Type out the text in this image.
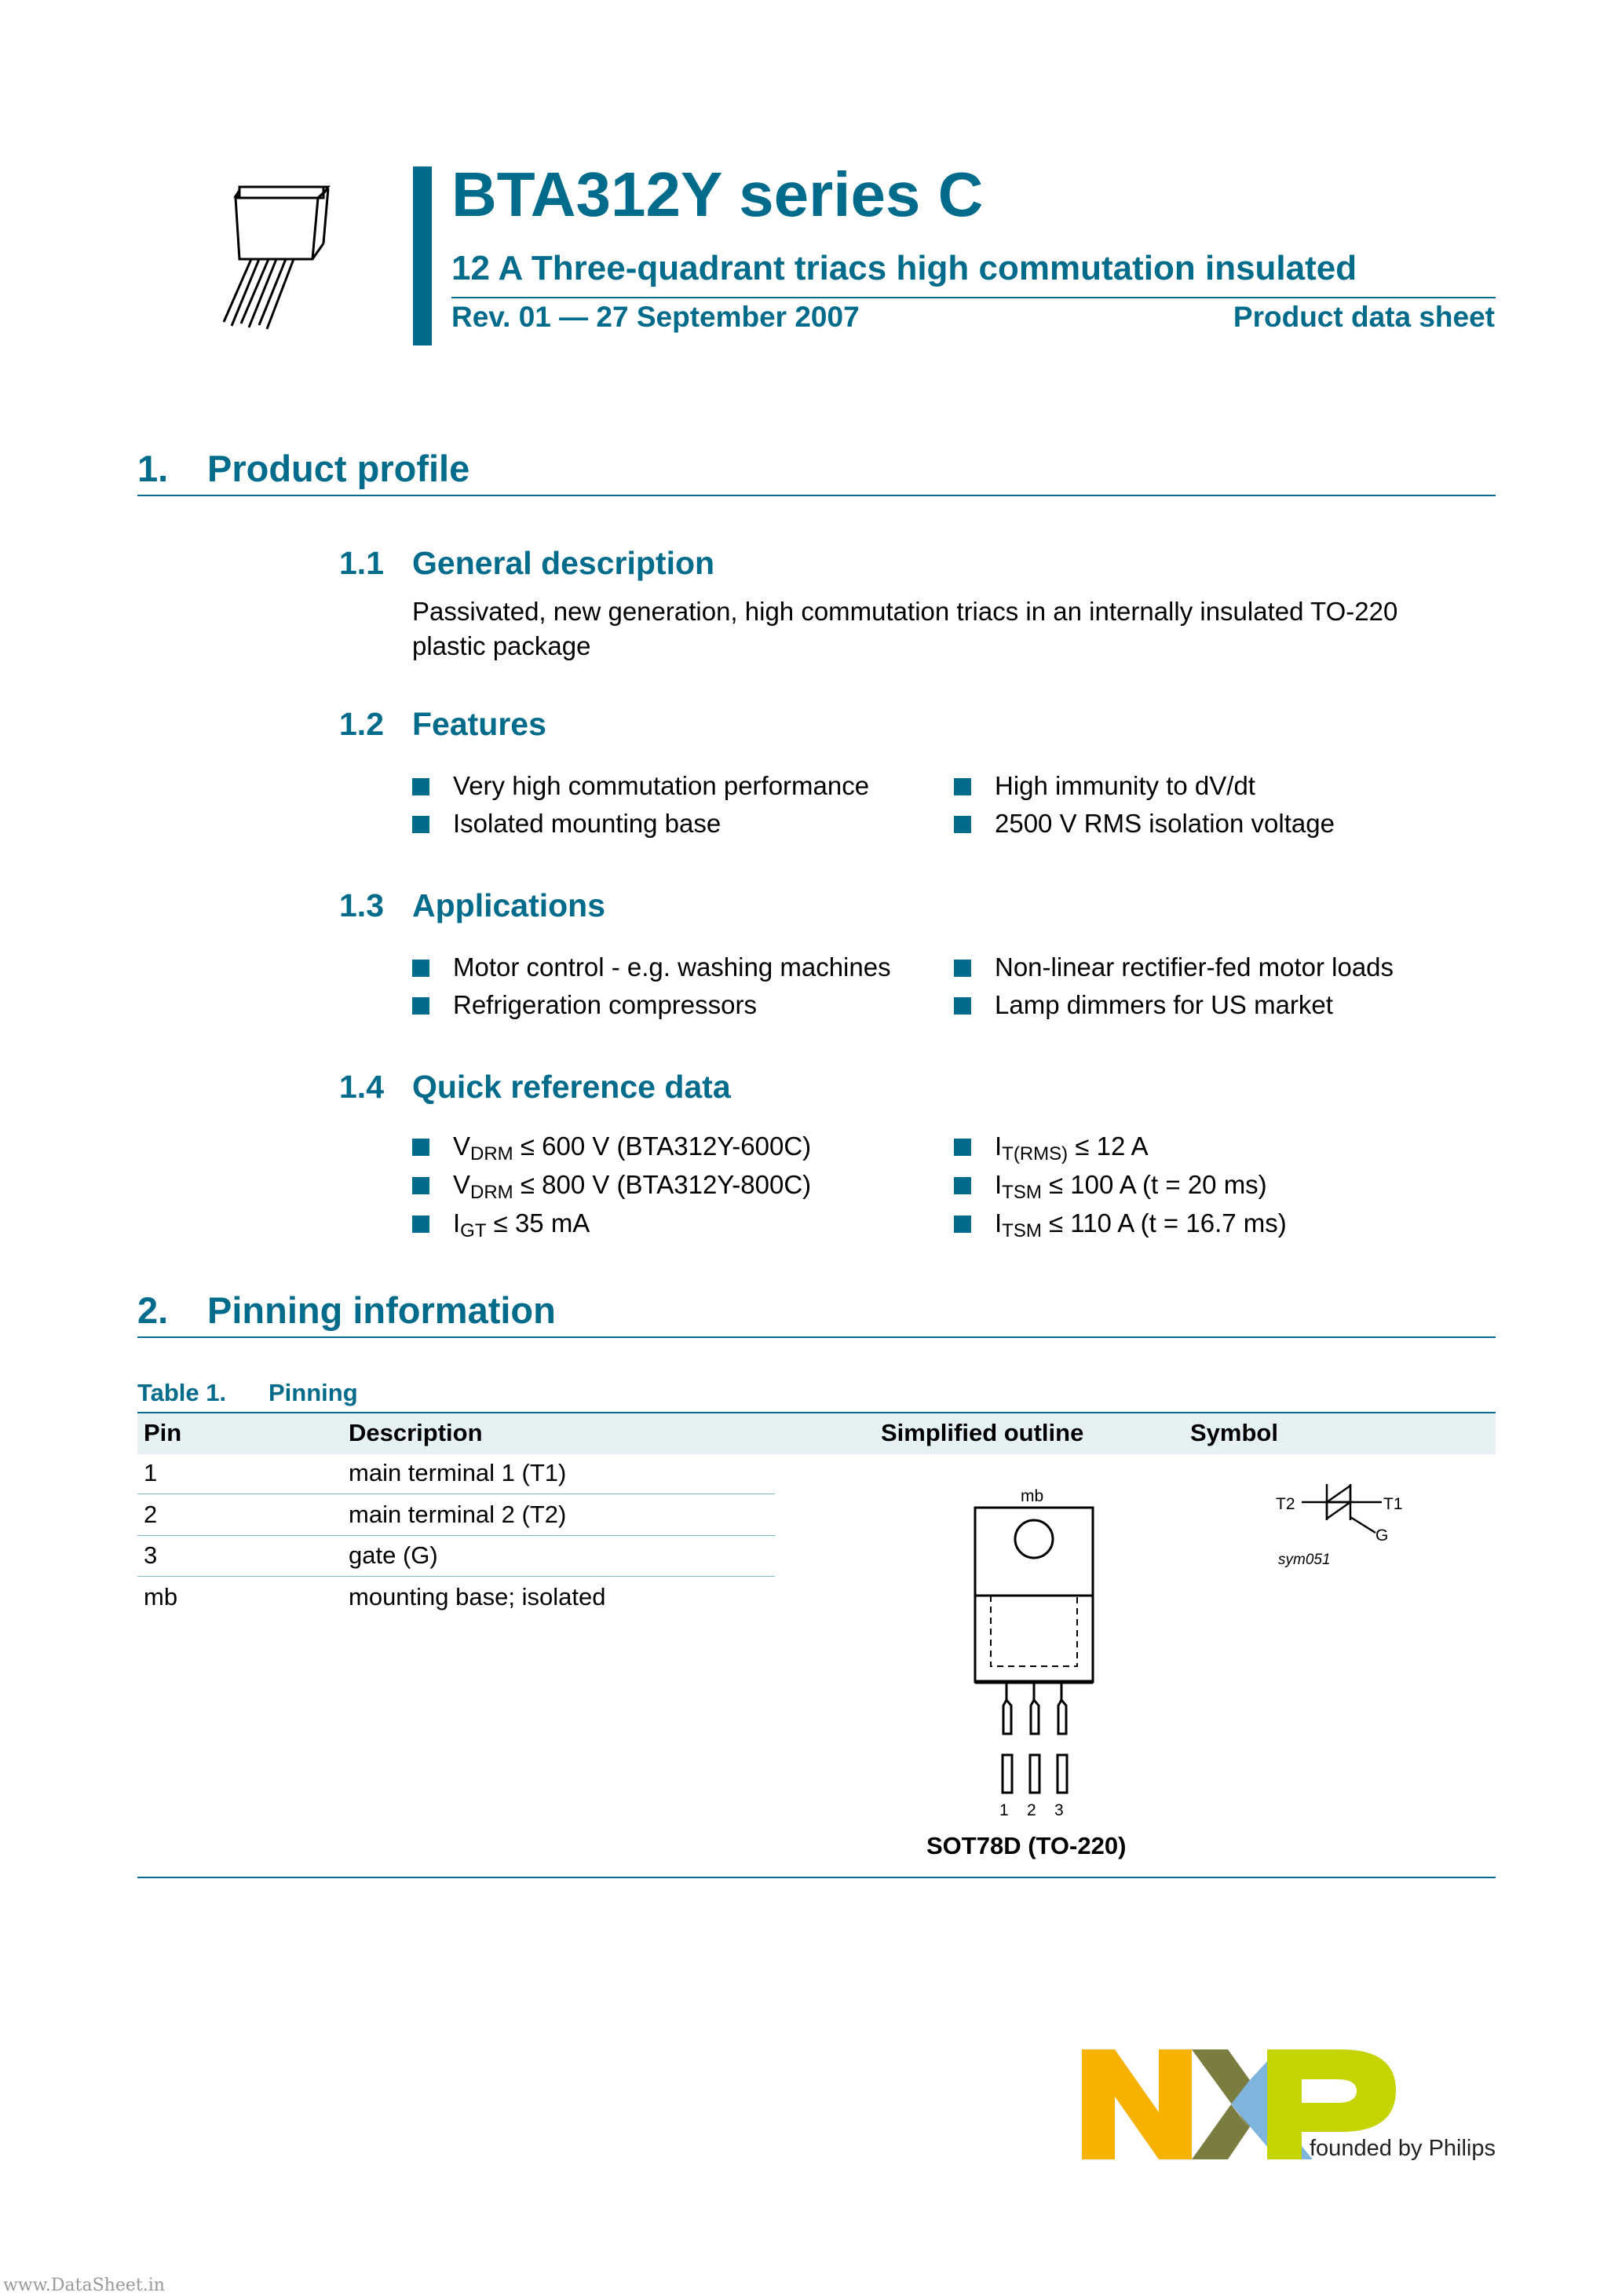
BTA312Y series C
12 A Three-quadrant triacs high commutation insulated
Rev. 01 — 27 September 2007	Product data sheet
1. Product profile
1.1 General description
Passivated, new generation, high commutation triacs in an internally insulated TO-220
plastic package
1.2 Features
Very high commutation performance
Isolated mounting base
High immunity to dV/dt
2500 V RMS isolation voltage
1.3 Applications
Motor control - e.g. washing machines
Refrigeration compressors
Non-linear rectifier-fed motor loads
Lamp dimmers for US market
1.4 Quick reference data
$V_{DRM} \le 600$ V (BTA312Y-600C)
$V_{DRM} \le 800$ V (BTA312Y-800C)
$I_{GT} \le 35$ mA
$I_{T(RMS)} \le 12$ A
$I_{TSM} \le 100$ A (t = 20 ms)
$I_{TSM} \le 110$ A (t = 16.7 ms)
2. Pinning information
Table 1. Pinning
Pin	Description	Simplified outline	Symbol
1	main terminal 1 (T1)
2	main terminal 2 (T2)
3	gate (G)
mb	mounting base; isolated
mb
1 2 3
SOT78D (TO-220)
T2	T1
G
sym051
founded by Philips
www.DataSheet.in
